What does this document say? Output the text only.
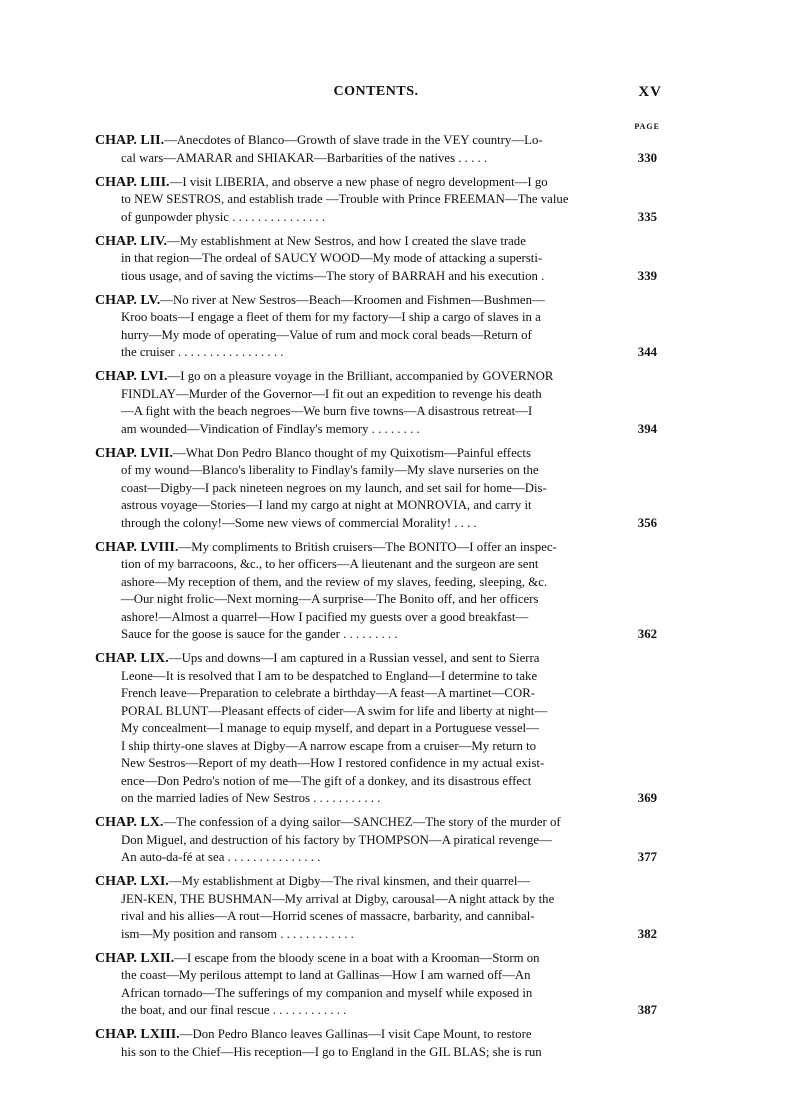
CONTENTS.	XV
PAGE
CHAP. LII.—Anecdotes of Blanco—Growth of slave trade in the VEY country—Lo-
330
cal wars—AMARAR and SHIAKAR—Barbarities of the natives . . . . .
CHAP. LIII.—I visit LIBERIA, and observe a new phase of negro development—I go
to NEW SESTROS, and establish trade —Trouble with Prince FREEMAN—The value
335
of gunpowder physic . . . . . . . . . . . . . . .
CHAP. LIV.—My establishment at New Sestros, and how I created the slave trade
in that region—The ordeal of SAUCY WOOD—My mode of attacking a supersti-
339
tious usage, and of saving the victims—The story of BARRAH and his execution .
CHAP. LV.—No river at New Sestros—Beach—Kroomen and Fishmen—Bushmen—
Kroo boats—I engage a fleet of them for my factory—I ship a cargo of slaves in a
hurry—My mode of operating—Value of rum and mock coral beads—Return of
344
the cruiser . . . . . . . . . . . . . . . . .
CHAP. LVI.—I go on a pleasure voyage in the Brilliant, accompanied by GOVERNOR
FINDLAY—Murder of the Governor—I fit out an expedition to revenge his death
—A fight with the beach negroes—We burn five towns—A disastrous retreat—I
394
am wounded—Vindication of Findlay's memory . . . . . . . .
CHAP. LVII.—What Don Pedro Blanco thought of my Quixotism—Painful effects
of my wound—Blanco's liberality to Findlay's family—My slave nurseries on the
coast—Digby—I pack nineteen negroes on my launch, and set sail for home—Dis-
astrous voyage—Stories—I land my cargo at night at MONROVIA, and carry it
356
through the colony!—Some new views of commercial Morality! . . . .
CHAP. LVIII.—My compliments to British cruisers—The BONITO—I offer an inspec-
tion of my barracoons, &c., to her officers—A lieutenant and the surgeon are sent
ashore—My reception of them, and the review of my slaves, feeding, sleeping, &c.
—Our night frolic—Next morning—A surprise—The Bonito off, and her officers
ashore!—Almost a quarrel—How I pacified my guests over a good breakfast—
362
Sauce for the goose is sauce for the gander . . . . . . . . .
CHAP. LIX.—Ups and downs—I am captured in a Russian vessel, and sent to Sierra
Leone—It is resolved that I am to be despatched to England—I determine to take
French leave—Preparation to celebrate a birthday—A feast—A martinet—COR-
PORAL BLUNT—Pleasant effects of cider—A swim for life and liberty at night—
My concealment—I manage to equip myself, and depart in a Portuguese vessel—
I ship thirty-one slaves at Digby—A narrow escape from a cruiser—My return to
New Sestros—Report of my death—How I restored confidence in my actual exist-
ence—Don Pedro's notion of me—The gift of a donkey, and its disastrous effect
369
on the married ladies of New Sestros . . . . . . . . . . .
CHAP. LX.—The confession of a dying sailor—SANCHEZ—The story of the murder of
Don Miguel, and destruction of his factory by THOMPSON—A piratical revenge—
377
An auto-da-fé at sea . . . . . . . . . . . . . . .
CHAP. LXI.—My establishment at Digby—The rival kinsmen, and their quarrel—
JEN-KEN, THE BUSHMAN—My arrival at Digby, carousal—A night attack by the
rival and his allies—A rout—Horrid scenes of massacre, barbarity, and cannibal-
382
ism—My position and ransom . . . . . . . . . . . .
CHAP. LXII.—I escape from the bloody scene in a boat with a Krooman—Storm on
the coast—My perilous attempt to land at Gallinas—How I am warned off—An
African tornado—The sufferings of my companion and myself while exposed in
387
the boat, and our final rescue . . . . . . . . . . . .
CHAP. LXIII.—Don Pedro Blanco leaves Gallinas—I visit Cape Mount, to restore
his son to the Chief—His reception—I go to England in the GIL BLAS; she is run
